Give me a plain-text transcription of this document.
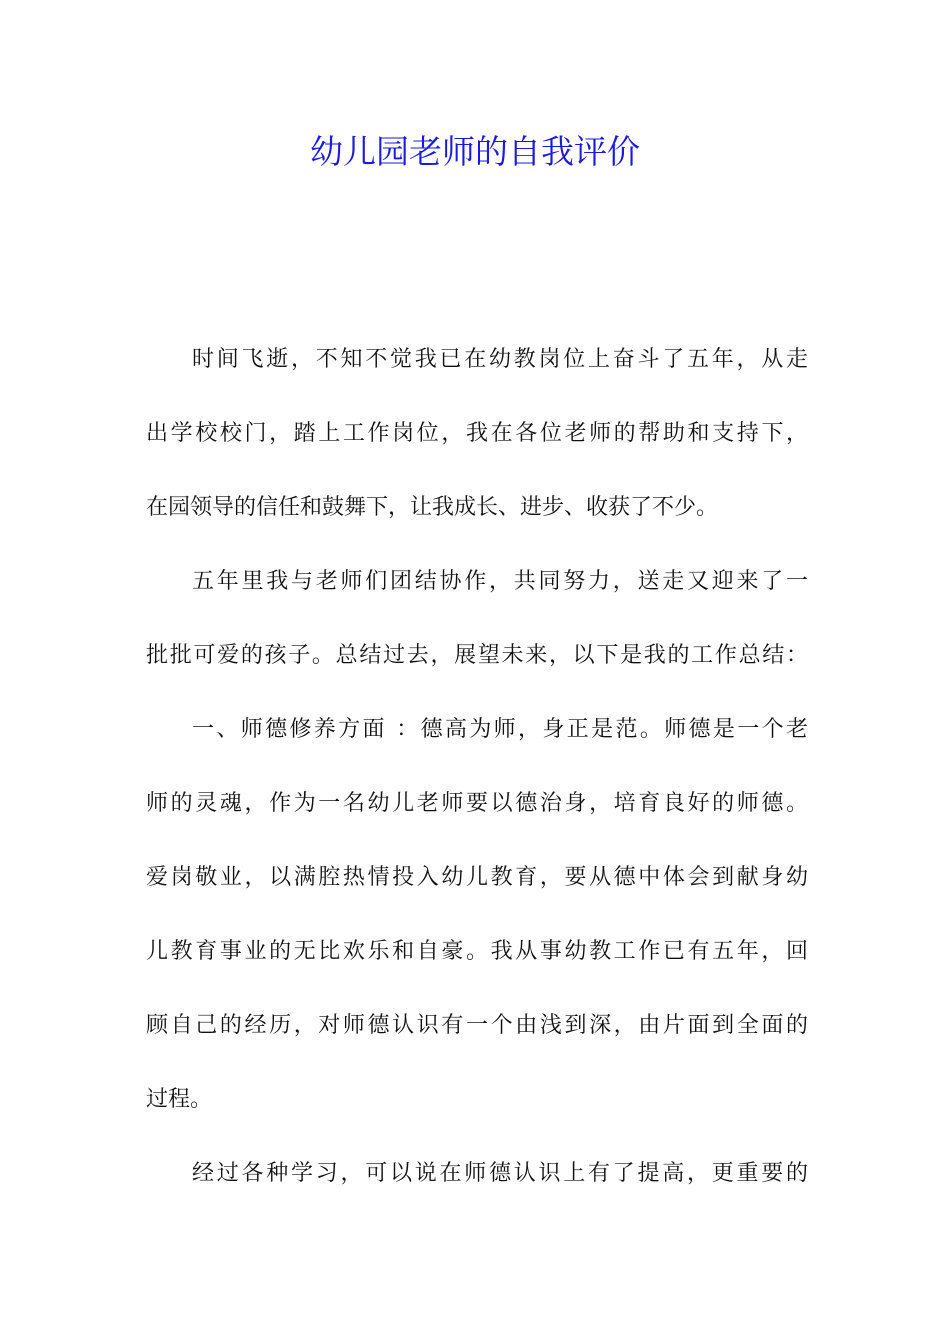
幼儿园老师的自我评价
时间飞逝，不知不觉我已在幼教岗位上奋斗了五年，从走
出学校校门，踏上工作岗位，我在各位老师的帮助和支持下，
在园领导的信任和鼓舞下，让我成长、进步、收获了不少。
五年里我与老师们团结协作，共同努力，送走又迎来了一
批批可爱的孩子。总结过去，展望未来，以下是我的工作总结：
一、师德修养方面 ：德高为师，身正是范。师德是一个老
师的灵魂，作为一名幼儿老师要以德治身，培育良好的师德。
爱岗敬业，以满腔热情投入幼儿教育，要从德中体会到献身幼
儿教育事业的无比欢乐和自豪。我从事幼教工作已有五年，回
顾自己的经历，对师德认识有一个由浅到深，由片面到全面的
过程。
经过各种学习，可以说在师德认识上有了提高，更重要的
